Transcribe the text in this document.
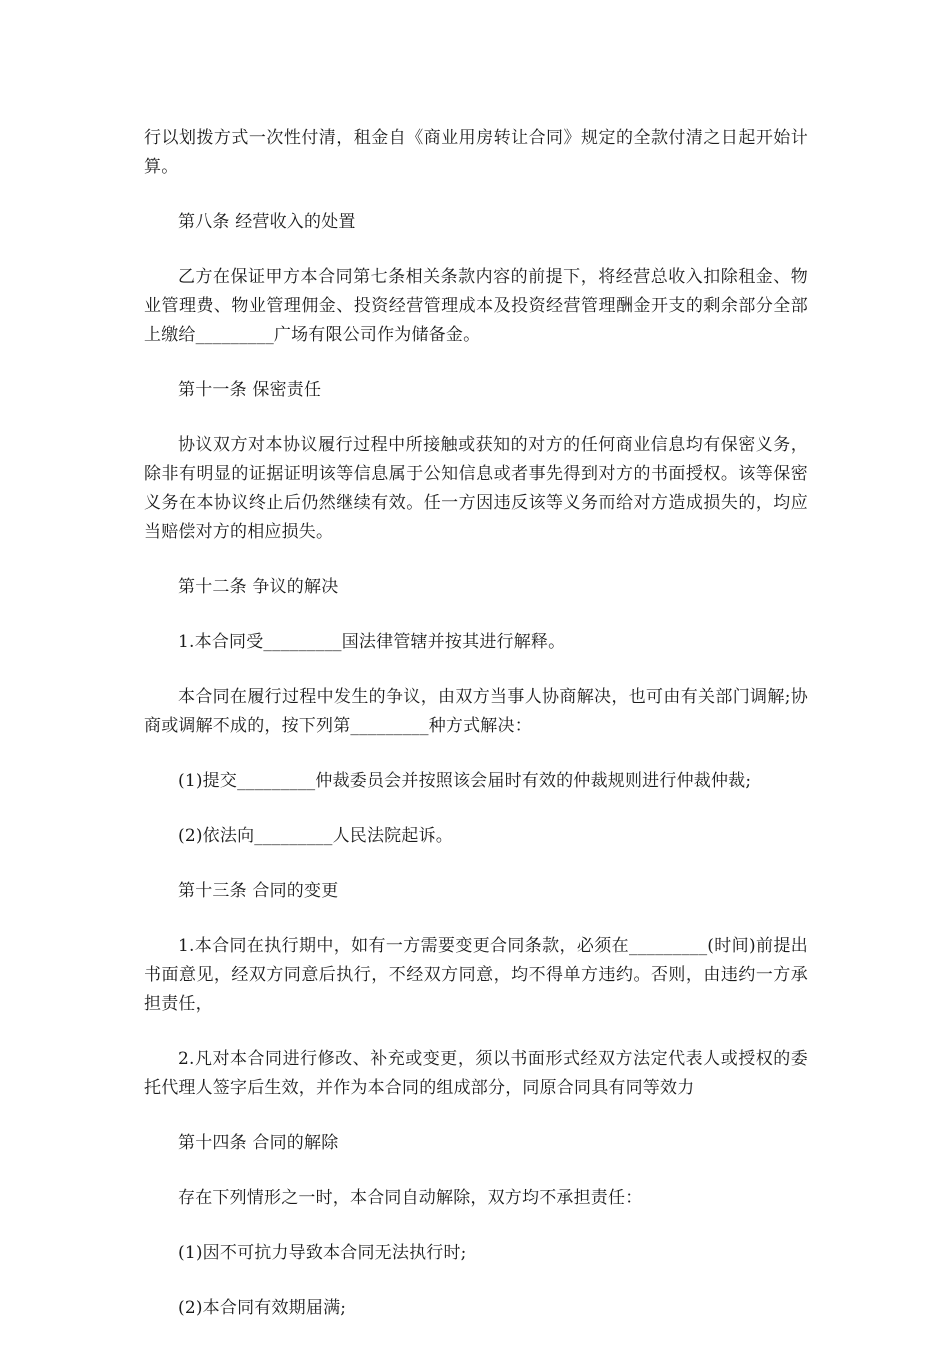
行以划拨方式一次性付清，租金自《商业用房转让合同》规定的全款付清之日起开始计算。

第八条 经营收入的处置

乙方在保证甲方本合同第七条相关条款内容的前提下，将经营总收入扣除租金、物业管理费、物业管理佣金、投资经营管理成本及投资经营管理酬金开支的剩余部分全部上缴给_________广场有限公司作为储备金。

第十一条 保密责任

协议双方对本协议履行过程中所接触或获知的对方的任何商业信息均有保密义务，除非有明显的证据证明该等信息属于公知信息或者事先得到对方的书面授权。该等保密义务在本协议终止后仍然继续有效。任一方因违反该等义务而给对方造成损失的，均应当赔偿对方的相应损失。

第十二条 争议的解决

1.本合同受_________国法律管辖并按其进行解释。

本合同在履行过程中发生的争议，由双方当事人协商解决，也可由有关部门调解;协商或调解不成的，按下列第_________种方式解决：

(1)提交_________仲裁委员会并按照该会届时有效的仲裁规则进行仲裁仲裁;

(2)依法向_________人民法院起诉。

第十三条 合同的变更

1.本合同在执行期中，如有一方需要变更合同条款，必须在_________(时间)前提出书面意见，经双方同意后执行，不经双方同意，均不得单方违约。否则，由违约一方承担责任，

2.凡对本合同进行修改、补充或变更，须以书面形式经双方法定代表人或授权的委托代理人签字后生效，并作为本合同的组成部分，同原合同具有同等效力

第十四条 合同的解除

存在下列情形之一时，本合同自动解除，双方均不承担责任：

(1)因不可抗力导致本合同无法执行时;

(2)本合同有效期届满;
